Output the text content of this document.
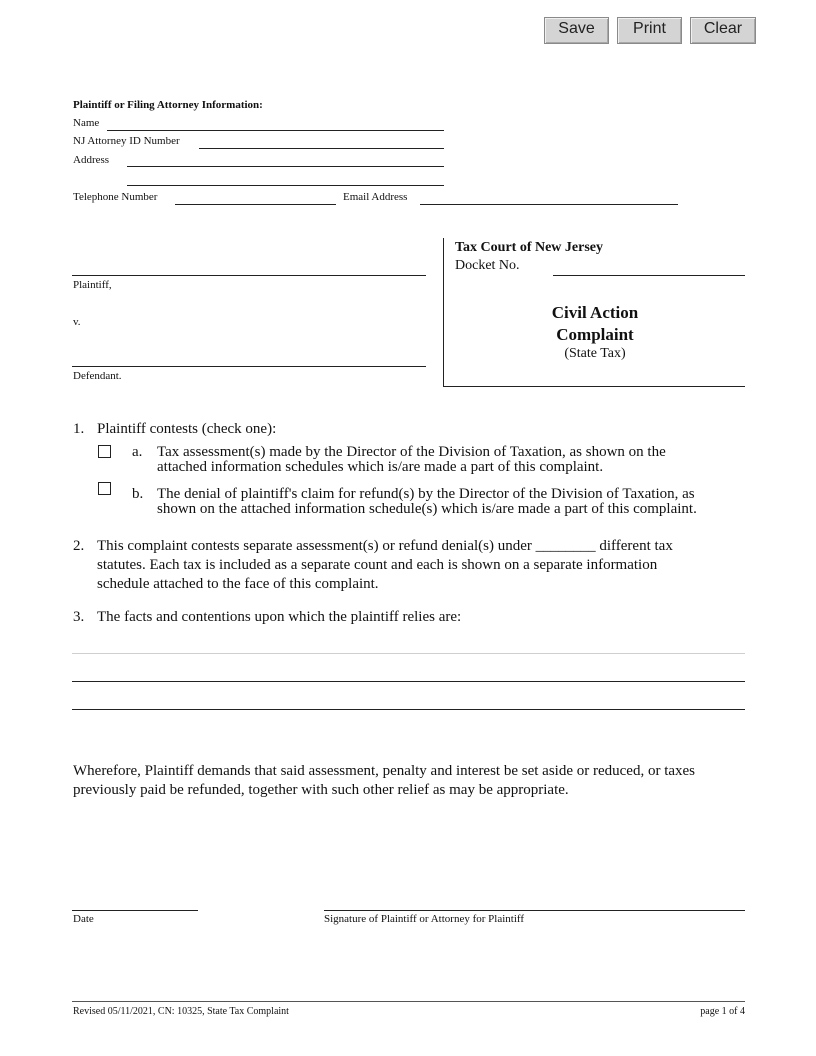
Save	Print	Clear
Plaintiff or Filing Attorney Information:
Name
NJ Attorney ID Number
Address
Telephone Number	Email Address
Plaintiff,
v.
Defendant.
Tax Court of New Jersey
Docket No.
Civil Action
Complaint
(State Tax)
1. Plaintiff contests (check one):
a. Tax assessment(s) made by the Director of the Division of Taxation, as shown on the
attached information schedules which is/are made a part of this complaint.
b. The denial of plaintiff's claim for refund(s) by the Director of the Division of Taxation, as
shown on the attached information schedule(s) which is/are made a part of this complaint.
2. This complaint contests separate assessment(s) or refund denial(s) under ________ different tax
statutes. Each tax is included as a separate count and each is shown on a separate information
schedule attached to the face of this complaint.
3. The facts and contentions upon which the plaintiff relies are:
Wherefore, Plaintiff demands that said assessment, penalty and interest be set aside or reduced, or taxes
previously paid be refunded, together with such other relief as may be appropriate.
Date	Signature of Plaintiff or Attorney for Plaintiff
Revised 05/11/2021, CN: 10325, State Tax Complaint	page 1 of 4
